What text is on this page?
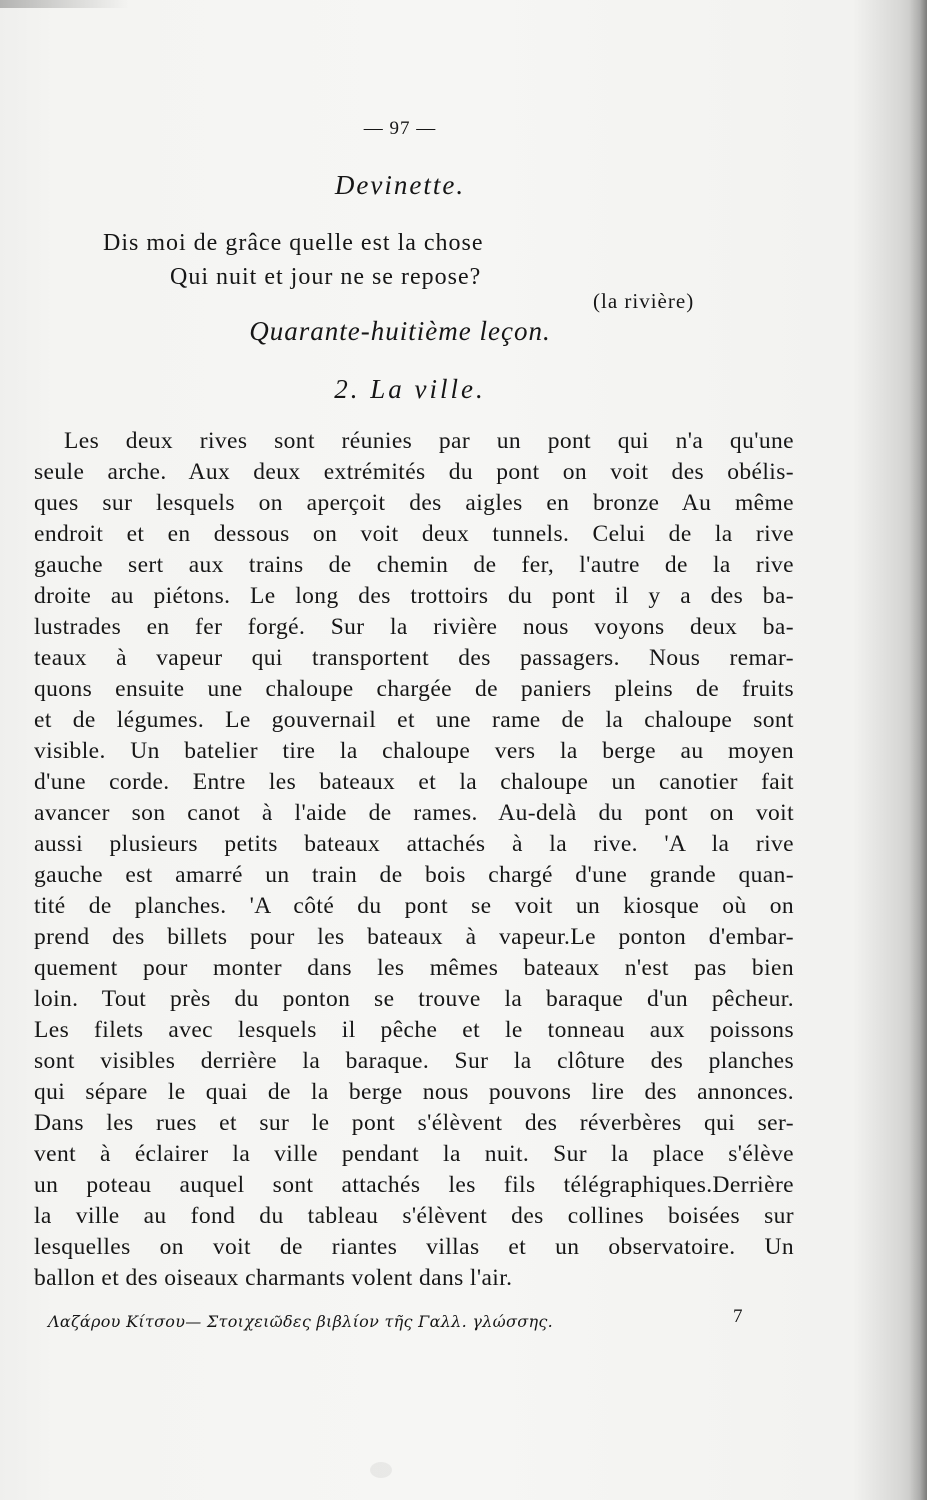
— 97 —
Devinette.
Dis moi de grâce quelle est la chose
Qui nuit et jour ne se repose?
(la rivière)
Quarante-huitième leçon.
2. La ville.
Les deux rives sont réunies par un pont qui n'a qu'une
seule arche. Aux deux extrémités du pont on voit des obélis-
ques sur lesquels on aperçoit des aigles en bronze Au même
endroit et en dessous on voit deux tunnels. Celui de la rive
gauche sert aux trains de chemin de fer, l'autre de la rive
droite au piétons. Le long des trottoirs du pont il y a des ba-
lustrades en fer forgé. Sur la rivière nous voyons deux ba-
teaux à vapeur qui transportent des passagers. Nous remar-
quons ensuite une chaloupe chargée de paniers pleins de fruits
et de légumes. Le gouvernail et une rame de la chaloupe sont
visible. Un batelier tire la chaloupe vers la berge au moyen
d'une corde. Entre les bateaux et la chaloupe un canotier fait
avancer son canot à l'aide de rames. Au-delà du pont on voit
aussi plusieurs petits bateaux attachés à la rive. 'A la rive
gauche est amarré un train de bois chargé d'une grande quan-
tité de planches. 'A côté du pont se voit un kiosque où on
prend des billets pour les bateaux à vapeur.Le ponton d'embar-
quement pour monter dans les mêmes bateaux n'est pas bien
loin. Tout près du ponton se trouve la baraque d'un pêcheur.
Les filets avec lesquels il pêche et le tonneau aux poissons
sont visibles derrière la baraque. Sur la clôture des planches
qui sépare le quai de la berge nous pouvons lire des annonces.
Dans les rues et sur le pont s'élèvent des réverbères qui ser-
vent à éclairer la ville pendant la nuit. Sur la place s'élève
un poteau auquel sont attachés les fils télégraphiques.Derrière
la ville au fond du tableau s'élèvent des collines boisées sur
lesquelles on voit de riantes villas et un observatoire. Un
ballon et des oiseaux charmants volent dans l'air.
Λαζάρου Κίτσου— Στοιχειῶδες βιβλίον τῆς Γαλλ. γλώσσης.	7
